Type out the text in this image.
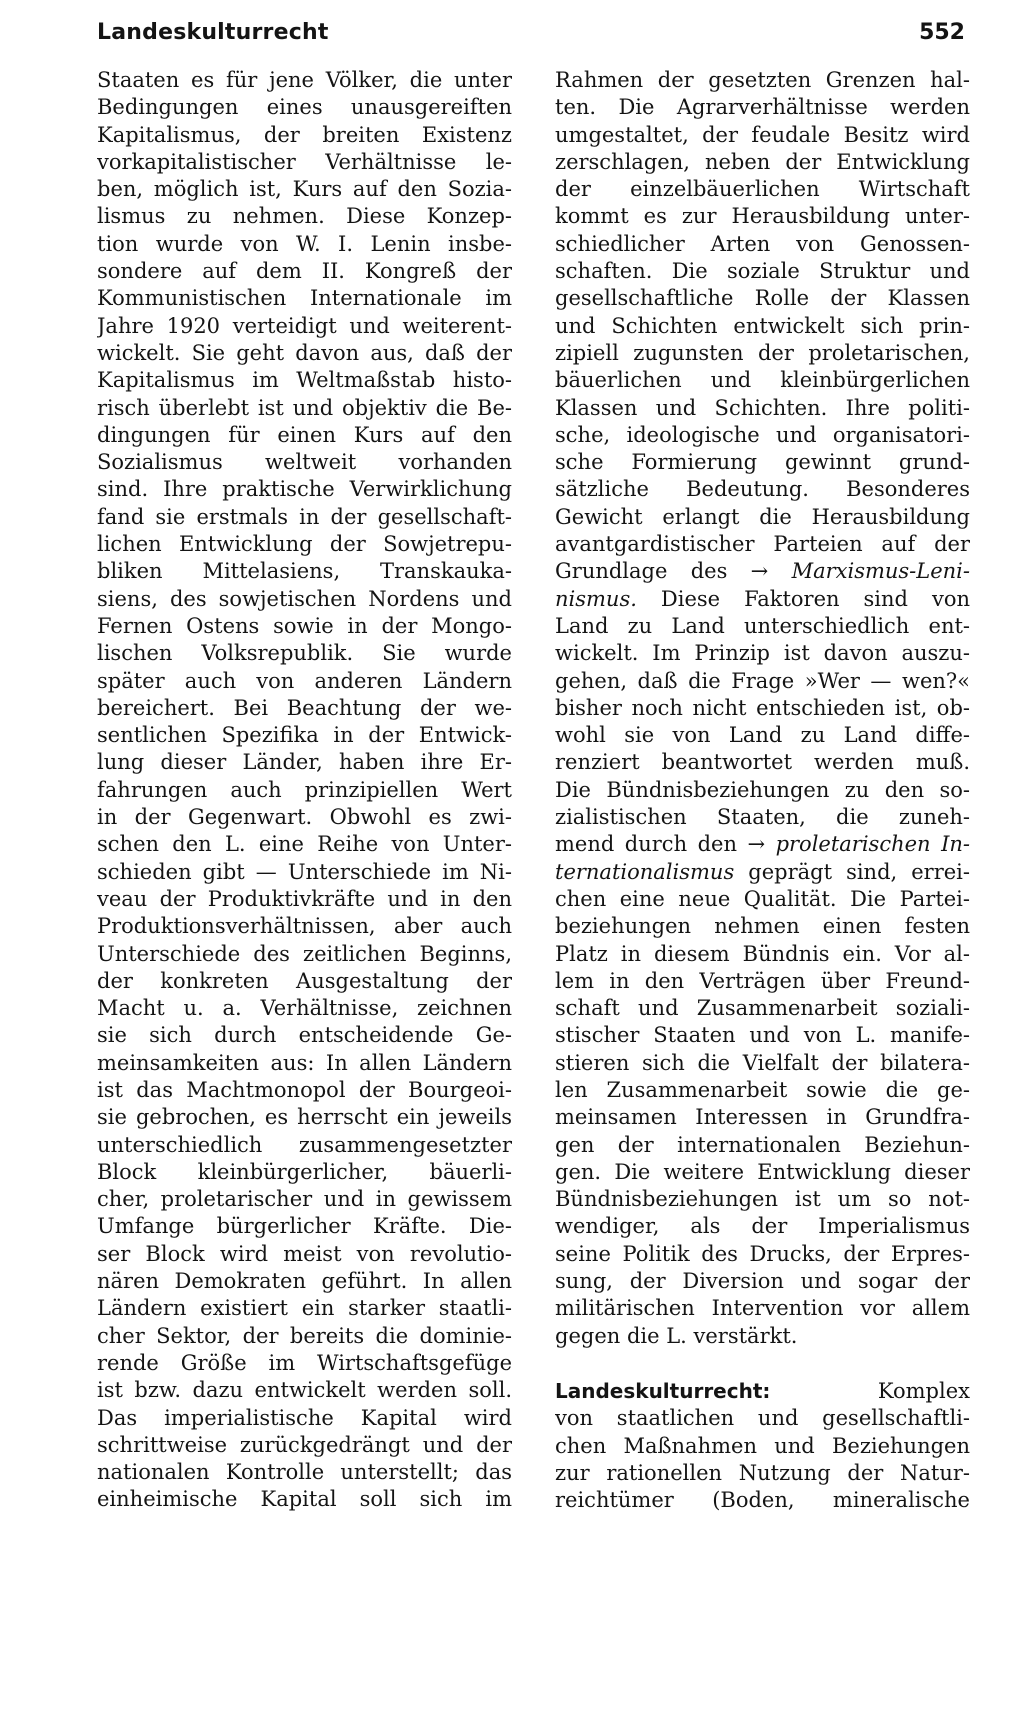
Landeskulturrecht	552
Staaten es für jene Völker, die unter
Bedingungen eines unausgereiften
Kapitalismus, der breiten Existenz
vorkapitalistischer Verhältnisse le-
ben, möglich ist, Kurs auf den Sozia-
lismus zu nehmen. Diese Konzep-
tion wurde von W. I. Lenin insbe-
sondere auf dem II. Kongreß der
Kommunistischen Internationale im
Jahre 1920 verteidigt und weiterent-
wickelt. Sie geht davon aus, daß der
Kapitalismus im Weltmaßstab histo-
risch überlebt ist und objektiv die Be-
dingungen für einen Kurs auf den
Sozialismus weltweit vorhanden
sind. Ihre praktische Verwirklichung
fand sie erstmals in der gesellschaft-
lichen Entwicklung der Sowjetrepu-
bliken Mittelasiens, Transkauka-
siens, des sowjetischen Nordens und
Fernen Ostens sowie in der Mongo-
lischen Volksrepublik. Sie wurde
später auch von anderen Ländern
bereichert. Bei Beachtung der we-
sentlichen Spezifika in der Entwick-
lung dieser Länder, haben ihre Er-
fahrungen auch prinzipiellen Wert
in der Gegenwart. Obwohl es zwi-
schen den L. eine Reihe von Unter-
schieden gibt — Unterschiede im Ni-
veau der Produktivkräfte und in den
Produktionsverhältnissen, aber auch
Unterschiede des zeitlichen Beginns,
der konkreten Ausgestaltung der
Macht u. a. Verhältnisse, zeichnen
sie sich durch entscheidende Ge-
meinsamkeiten aus: In allen Ländern
ist das Machtmonopol der Bourgeoi-
sie gebrochen, es herrscht ein jeweils
unterschiedlich zusammengesetzter
Block kleinbürgerlicher, bäuerli-
cher, proletarischer und in gewissem
Umfange bürgerlicher Kräfte. Die-
ser Block wird meist von revolutio-
nären Demokraten geführt. In allen
Ländern existiert ein starker staatli-
cher Sektor, der bereits die dominie-
rende Größe im Wirtschaftsgefüge
ist bzw. dazu entwickelt werden soll.
Das imperialistische Kapital wird
schrittweise zurückgedrängt und der
nationalen Kontrolle unterstellt; das
einheimische Kapital soll sich im
Rahmen der gesetzten Grenzen hal-
ten. Die Agrarverhältnisse werden
umgestaltet, der feudale Besitz wird
zerschlagen, neben der Entwicklung
der einzelbäuerlichen Wirtschaft
kommt es zur Herausbildung unter-
schiedlicher Arten von Genossen-
schaften. Die soziale Struktur und
gesellschaftliche Rolle der Klassen
und Schichten entwickelt sich prin-
zipiell zugunsten der proletarischen,
bäuerlichen und kleinbürgerlichen
Klassen und Schichten. Ihre politi-
sche, ideologische und organisatori-
sche Formierung gewinnt grund-
sätzliche Bedeutung. Besonderes
Gewicht erlangt die Herausbildung
avantgardistischer Parteien auf der
Grundlage des → Marxismus-Leni-
nismus. Diese Faktoren sind von
Land zu Land unterschiedlich ent-
wickelt. Im Prinzip ist davon auszu-
gehen, daß die Frage »Wer — wen?«
bisher noch nicht entschieden ist, ob-
wohl sie von Land zu Land diffe-
renziert beantwortet werden muß.
Die Bündnisbeziehungen zu den so-
zialistischen Staaten, die zuneh-
mend durch den → proletarischen In-
ternationalismus geprägt sind, errei-
chen eine neue Qualität. Die Partei-
beziehungen nehmen einen festen
Platz in diesem Bündnis ein. Vor al-
lem in den Verträgen über Freund-
schaft und Zusammenarbeit soziali-
stischer Staaten und von L. manife-
stieren sich die Vielfalt der bilatera-
len Zusammenarbeit sowie die ge-
meinsamen Interessen in Grundfra-
gen der internationalen Beziehun-
gen. Die weitere Entwicklung dieser
Bündnisbeziehungen ist um so not-
wendiger, als der Imperialismus
seine Politik des Drucks, der Erpres-
sung, der Diversion und sogar der
militärischen Intervention vor allem
gegen die L. verstärkt.
Landeskulturrecht: Komplex
von staatlichen und gesellschaftli-
chen Maßnahmen und Beziehungen
zur rationellen Nutzung der Natur-
reichtümer (Boden, mineralische
